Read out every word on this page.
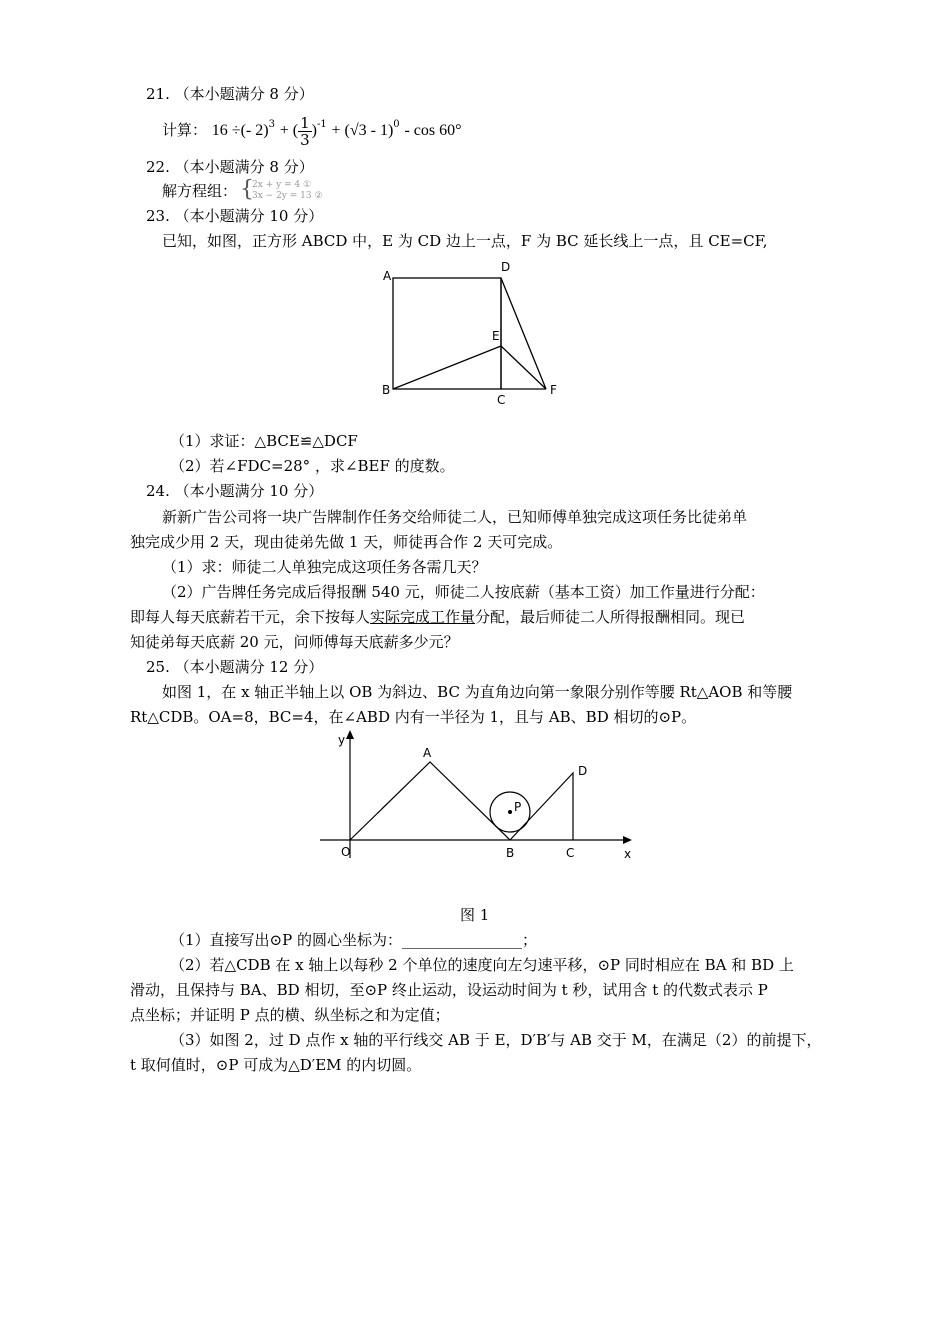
21. （本小题满分 8 分）
计算： 16 ÷(- 2)$^3$ + ( $\frac{1}{3} )^{-1} + (√3 - 1)^0 - \cos 60^\circ$
22. （本小题满分 8 分）
解方程组： {
2x + y = 4 ①
3x − 2y = 13 ②
23. （本小题满分 10 分）
已知，如图，正方形 ABCD 中，E 为 CD 边上一点，F 为 BC 延长线上一点，且 CE=CF,
A
D
E
B
C
F
（1）求证：△BCE≌△DCF
（2）若∠FDC=28° ，求∠BEF 的度数。
24. （本小题满分 10 分）
新新广告公司将一块广告牌制作任务交给师徒二人，已知师傅单独完成这项任务比徒弟单
独完成少用 2 天，现由徒弟先做 1 天，师徒再合作 2 天可完成。
（1）求：师徒二人单独完成这项任务各需几天？
（2）广告牌任务完成后得报酬 540 元，师徒二人按底薪（基本工资）加工作量进行分配：
即每人每天底薪若干元，余下按每人实际完成工作量分配，最后师徒二人所得报酬相同。现已
知徒弟每天底薪 20 元，问师傅每天底薪多少元？
25. （本小题满分 12 分）
如图 1，在 x 轴正半轴上以 OB 为斜边、BC 为直角边向第一象限分别作等腰 Rt△AOB 和等腰
Rt△CDB。OA=8，BC=4，在∠ABD 内有一半径为 1，且与 AB、BD 相切的⊙P。
y
x
O
A
B	C
D
P
图 1
（1）直接写出⊙P 的圆心坐标为：________________；
（2）若△CDB 在 x 轴上以每秒 2 个单位的速度向左匀速平移，⊙P 同时相应在 BA 和 BD 上
滑动，且保持与 BA、BD 相切，至⊙P 终止运动，设运动时间为 t 秒，试用含 t 的代数式表示 P
点坐标；并证明 P 点的横、纵坐标之和为定值；
（3）如图 2，过 D 点作 x 轴的平行线交 AB 于 E，D′B′与 AB 交于 M，在满足（2）的前提下，
t 取何值时，⊙P 可成为△D′EM 的内切圆。
